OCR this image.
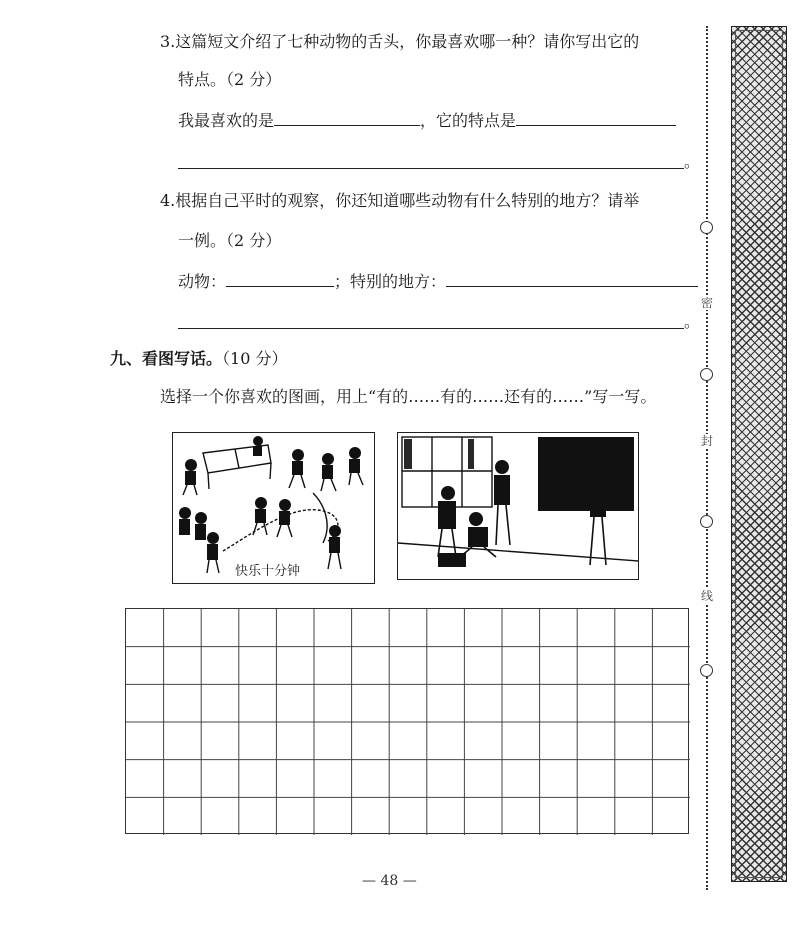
3.这篇短文介绍了七种动物的舌头，你最喜欢哪一种？请你写出它的
特点。（2 分）
我最喜欢的是	，它的特点是
。
4.根据自己平时的观察，你还知道哪些动物有什么特别的地方？请举
一例。（2 分）
动物：	；特别的地方：
。
九、看图写话。（10 分）
选择一个你喜欢的图画，用上“有的……有的……还有的……”写一写。
快乐十分钟
密
封
线
— 48 —
